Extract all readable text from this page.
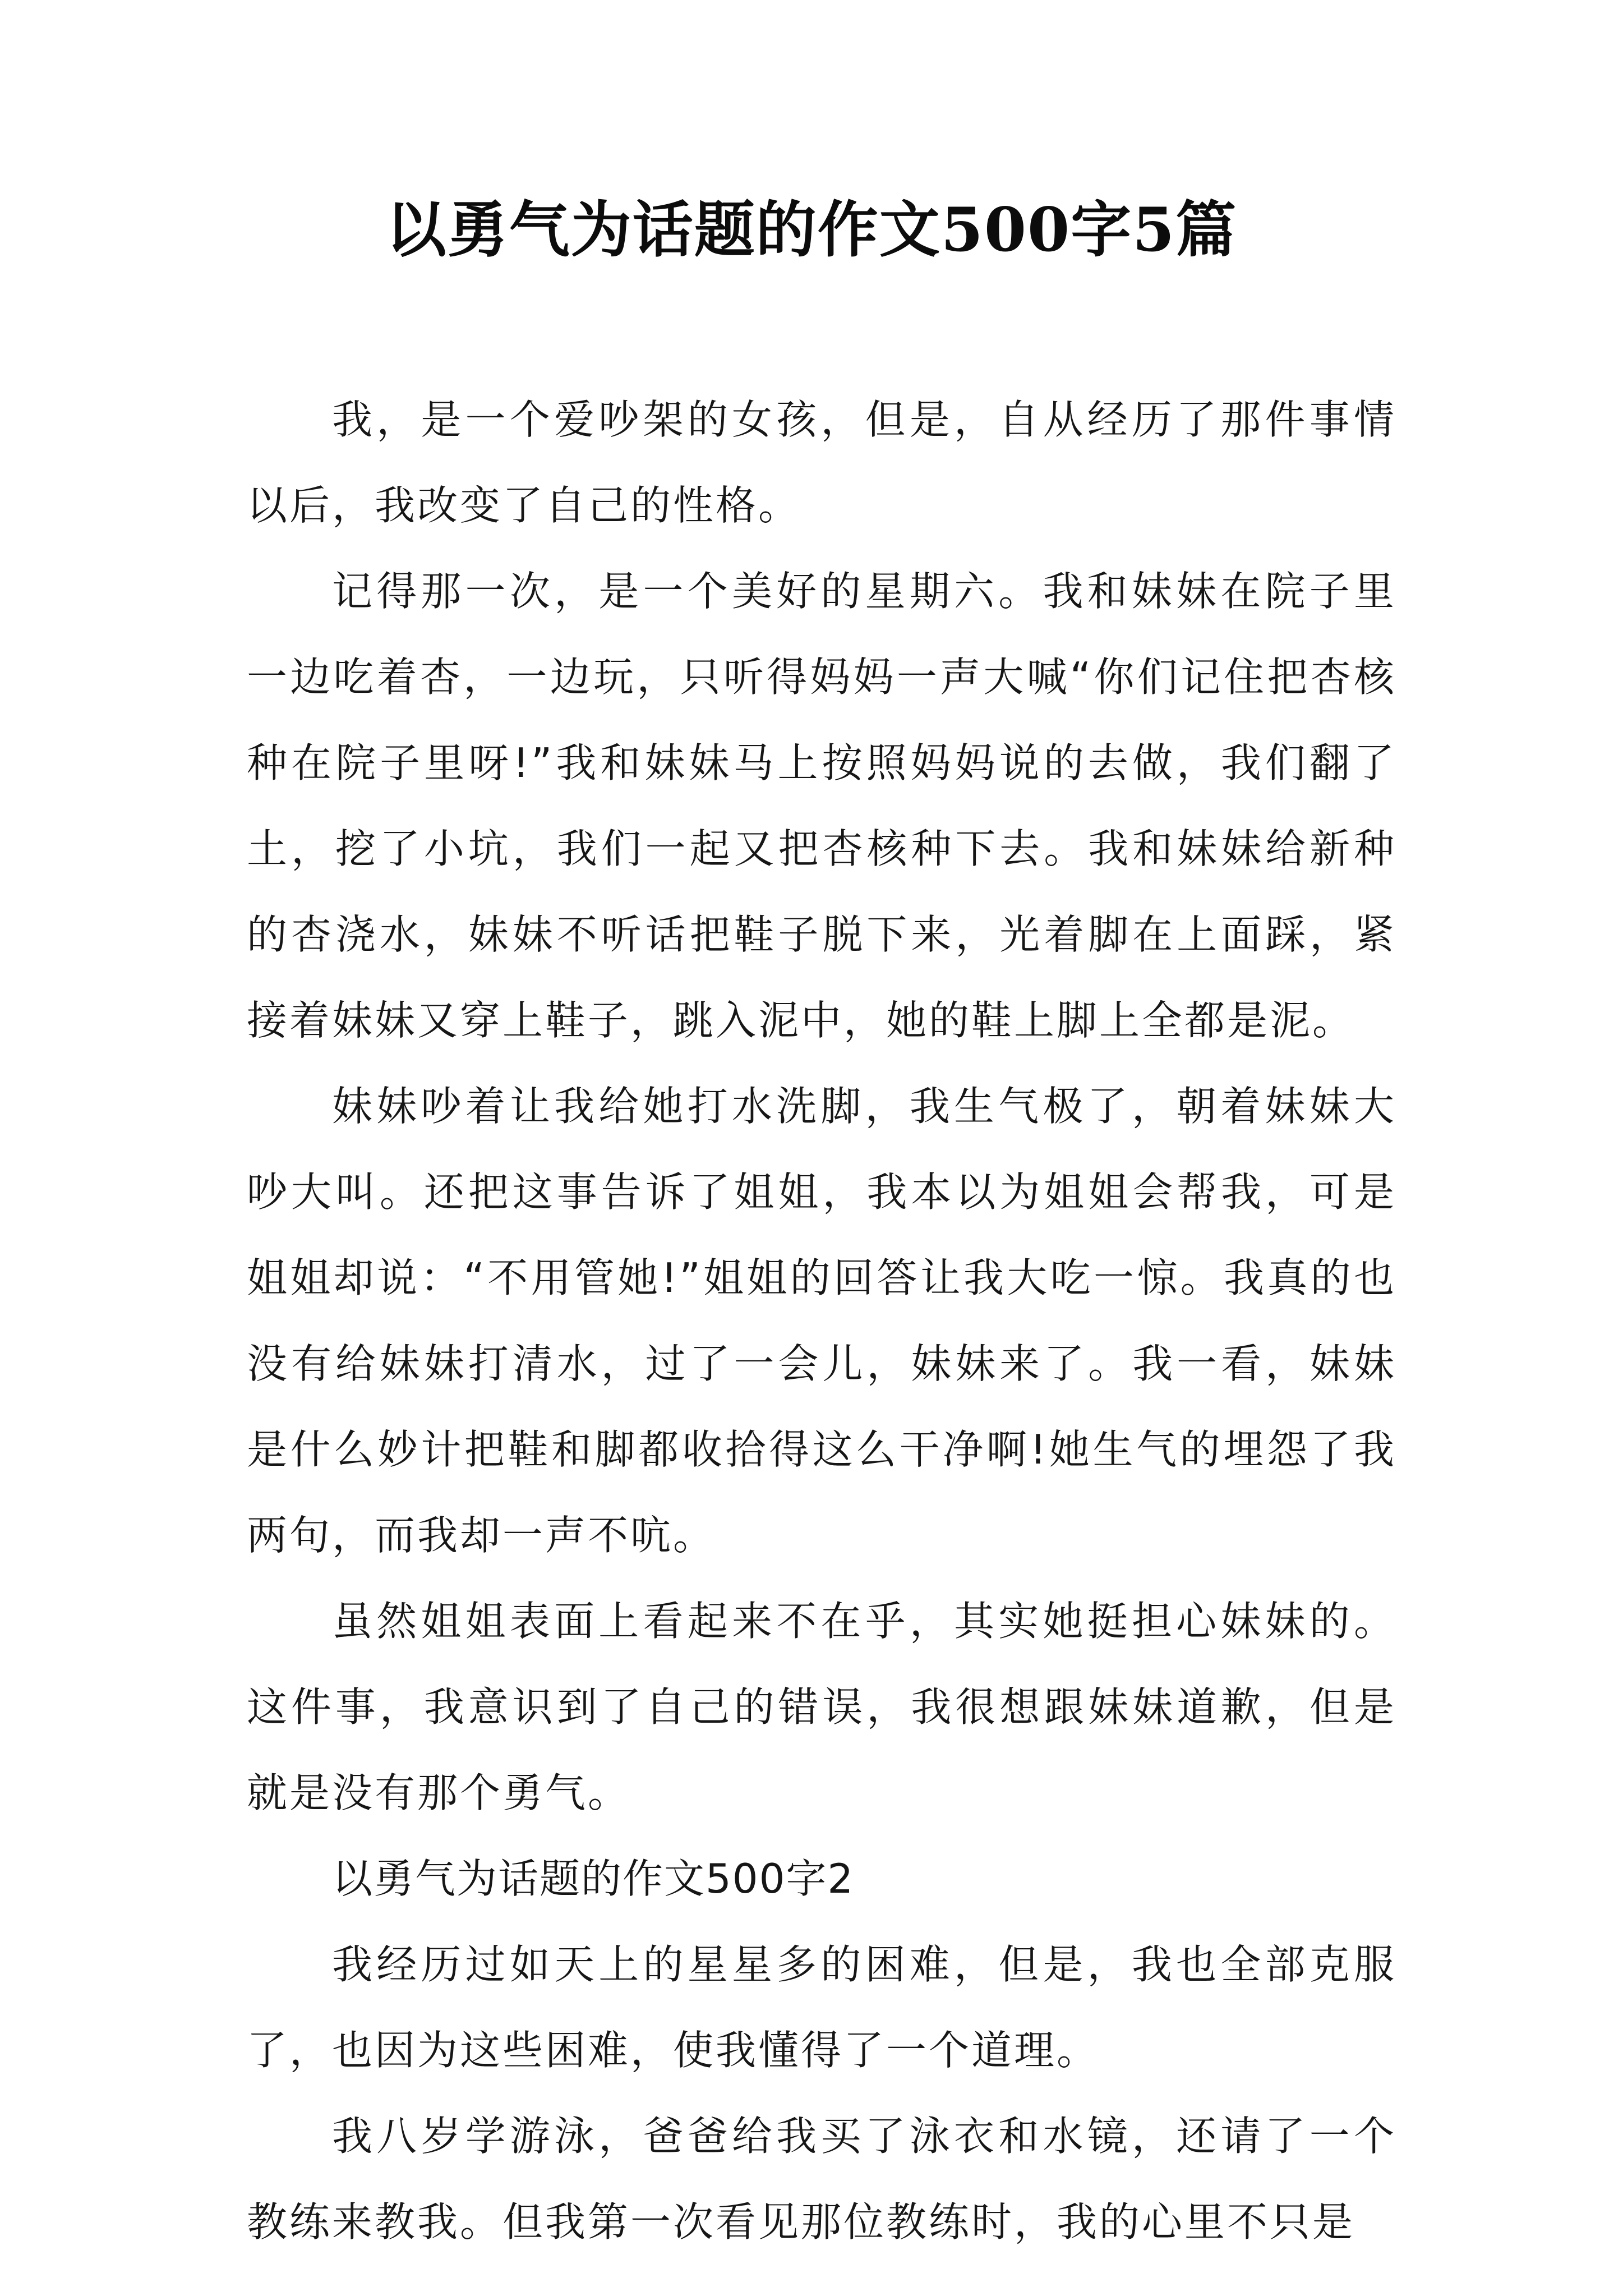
以勇气为话题的作文500字5篇

我，是一个爱吵架的女孩，但是，自从经历了那件事情以后，我改变了自己的性格。

记得那一次，是一个美好的星期六。我和妹妹在院子里一边吃着杏，一边玩，只听得妈妈一声大喊“你们记住把杏核种在院子里呀!”我和妹妹马上按照妈妈说的去做，我们翻了土，挖了小坑，我们一起又把杏核种下去。我和妹妹给新种的杏浇水，妹妹不听话把鞋子脱下来，光着脚在上面踩，紧接着妹妹又穿上鞋子，跳入泥中，她的鞋上脚上全都是泥。

妹妹吵着让我给她打水洗脚，我生气极了，朝着妹妹大吵大叫。还把这事告诉了姐姐，我本以为姐姐会帮我，可是姐姐却说：“不用管她!”姐姐的回答让我大吃一惊。我真的也没有给妹妹打清水，过了一会儿，妹妹来了。我一看，妹妹是什么妙计把鞋和脚都收拾得这么干净啊!她生气的埋怨了我两句，而我却一声不吭。

虽然姐姐表面上看起来不在乎，其实她挺担心妹妹的。这件事，我意识到了自己的错误，我很想跟妹妹道歉，但是就是没有那个勇气。

以勇气为话题的作文500字2

我经历过如天上的星星多的困难，但是，我也全部克服了，也因为这些困难，使我懂得了一个道理。

我八岁学游泳，爸爸给我买了泳衣和水镜，还请了一个教练来教我。但我第一次看见那位教练时，我的心里不只是
